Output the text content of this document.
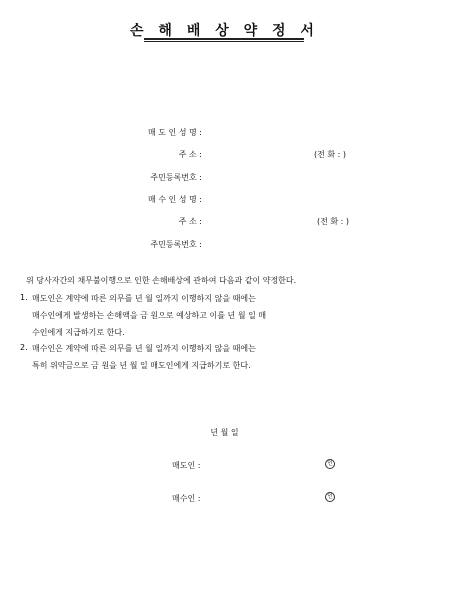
손 해 배 상 약 정 서
매 도 인 성 명 :
주 소 :	(전 화 : )
주민등록번호 :
매 수 인 성 명 :
주 소 :	(전 화 : )
주민등록번호 :
위 당사자간의 채무불이행으로 인한 손해배상에 관하여 다음과 같이 약정한다.
1. 매도인은 계약에 따른 의무를 년 월 일까지 이행하지 않을 때에는
매수인에게 발생하는 손해액을 금 원으로 예상하고 이를 년 월 일 매
수인에게 지급하기로 한다.
2. 매수인은 계약에 따른 의무를 년 월 일까지 이행하지 않을 때에는
특히 위약금으로 금 원을 년 월 일 매도인에게 지급하기로 한다.
년 월 일
매도인 :	인
매수인 :	인
